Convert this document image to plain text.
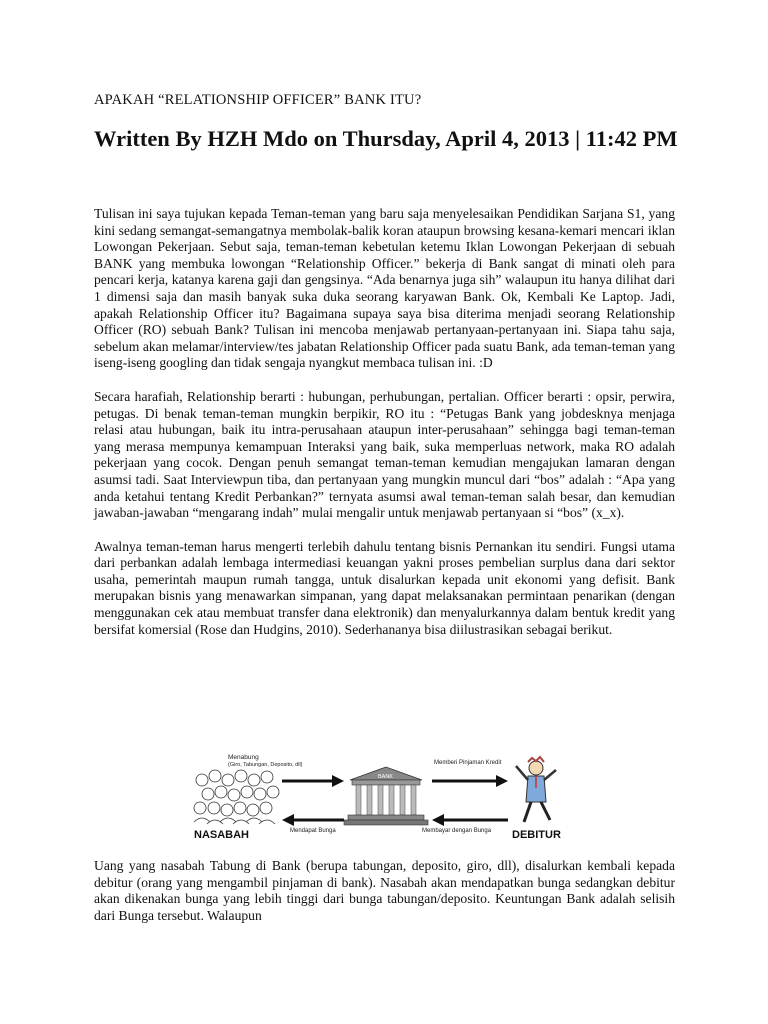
APAKAH “RELATIONSHIP OFFICER” BANK ITU?
Written By HZH Mdo on Thursday, April 4, 2013 | 11:42 PM

Tulisan ini saya tujukan kepada Teman-teman yang baru saja menyelesaikan Pendidikan Sarjana S1, yang kini sedang semangat-semangatnya membolak-balik koran ataupun browsing kesana-kemari mencari iklan Lowongan Pekerjaan. Sebut saja, teman-teman kebetulan ketemu Iklan Lowongan Pekerjaan di sebuah BANK yang membuka lowongan “Relationship Officer.” bekerja di Bank sangat di minati oleh para pencari kerja, katanya karena gaji dan gengsinya. “Ada benarnya juga sih” walaupun itu hanya dilihat dari 1 dimensi saja dan masih banyak suka duka seorang karyawan Bank. Ok, Kembali Ke Laptop. Jadi, apakah Relationship Officer itu? Bagaimana supaya saya bisa diterima menjadi seorang Relationship Officer (RO) sebuah Bank? Tulisan ini mencoba menjawab pertanyaan-pertanyaan ini. Siapa tahu saja, sebelum akan melamar/interview/tes jabatan Relationship Officer pada suatu Bank, ada teman-teman yang iseng-iseng googling dan tidak sengaja nyangkut membaca tulisan ini. :D

Secara harafiah, Relationship berarti : hubungan, perhubungan, pertalian. Officer berarti : opsir, perwira, petugas. Di benak teman-teman mungkin berpikir, RO itu : “Petugas Bank yang jobdesknya menjaga relasi atau hubungan, baik itu intra-perusahaan ataupun inter-perusahaan” sehingga bagi teman-teman yang merasa mempunya kemampuan Interaksi yang baik, suka memperluas network, maka RO adalah pekerjaan yang cocok. Dengan penuh semangat teman-teman kemudian mengajukan lamaran dengan asumsi tadi. Saat Interviewpun tiba, dan pertanyaan yang mungkin muncul dari “bos” adalah : “Apa yang anda ketahui tentang Kredit Perbankan?” ternyata asumsi awal teman-teman salah besar, dan kemudian jawaban-jawaban “mengarang indah” mulai mengalir untuk menjawab pertanyaan si “bos” (x_x).

Awalnya teman-teman harus mengerti terlebih dahulu tentang bisnis Pernankan itu sendiri. Fungsi utama dari perbankan adalah lembaga intermediasi keuangan yakni proses pembelian surplus dana dari sektor usaha, pemerintah maupun rumah tangga, untuk disalurkan kepada unit ekonomi yang defisit. Bank merupakan bisnis yang menawarkan simpanan, yang dapat melaksanakan permintaan penarikan (dengan menggunakan cek atau membuat transfer dana elektronik) dan menyalurkannya dalam bentuk kredit yang bersifat komersial (Rose dan Hudgins, 2010). Sederhananya bisa diilustrasikan sebagai berikut.

NASABAH
Menabung
(Giro, Tabungan, Deposito, dll)
Mendapat Bunga
BANK
Memberi Pinjaman Kredit
Membayar dengan Bunga DEBITUR

Uang yang nasabah Tabung di Bank (berupa tabungan, deposito, giro, dll), disalurkan kembali kepada debitur (orang yang mengambil pinjaman di bank). Nasabah akan mendapatkan bunga sedangkan debitur akan dikenakan bunga yang lebih tinggi dari bunga tabungan/deposito. Keuntungan Bank adalah selisih dari Bunga tersebut. Walaupun
